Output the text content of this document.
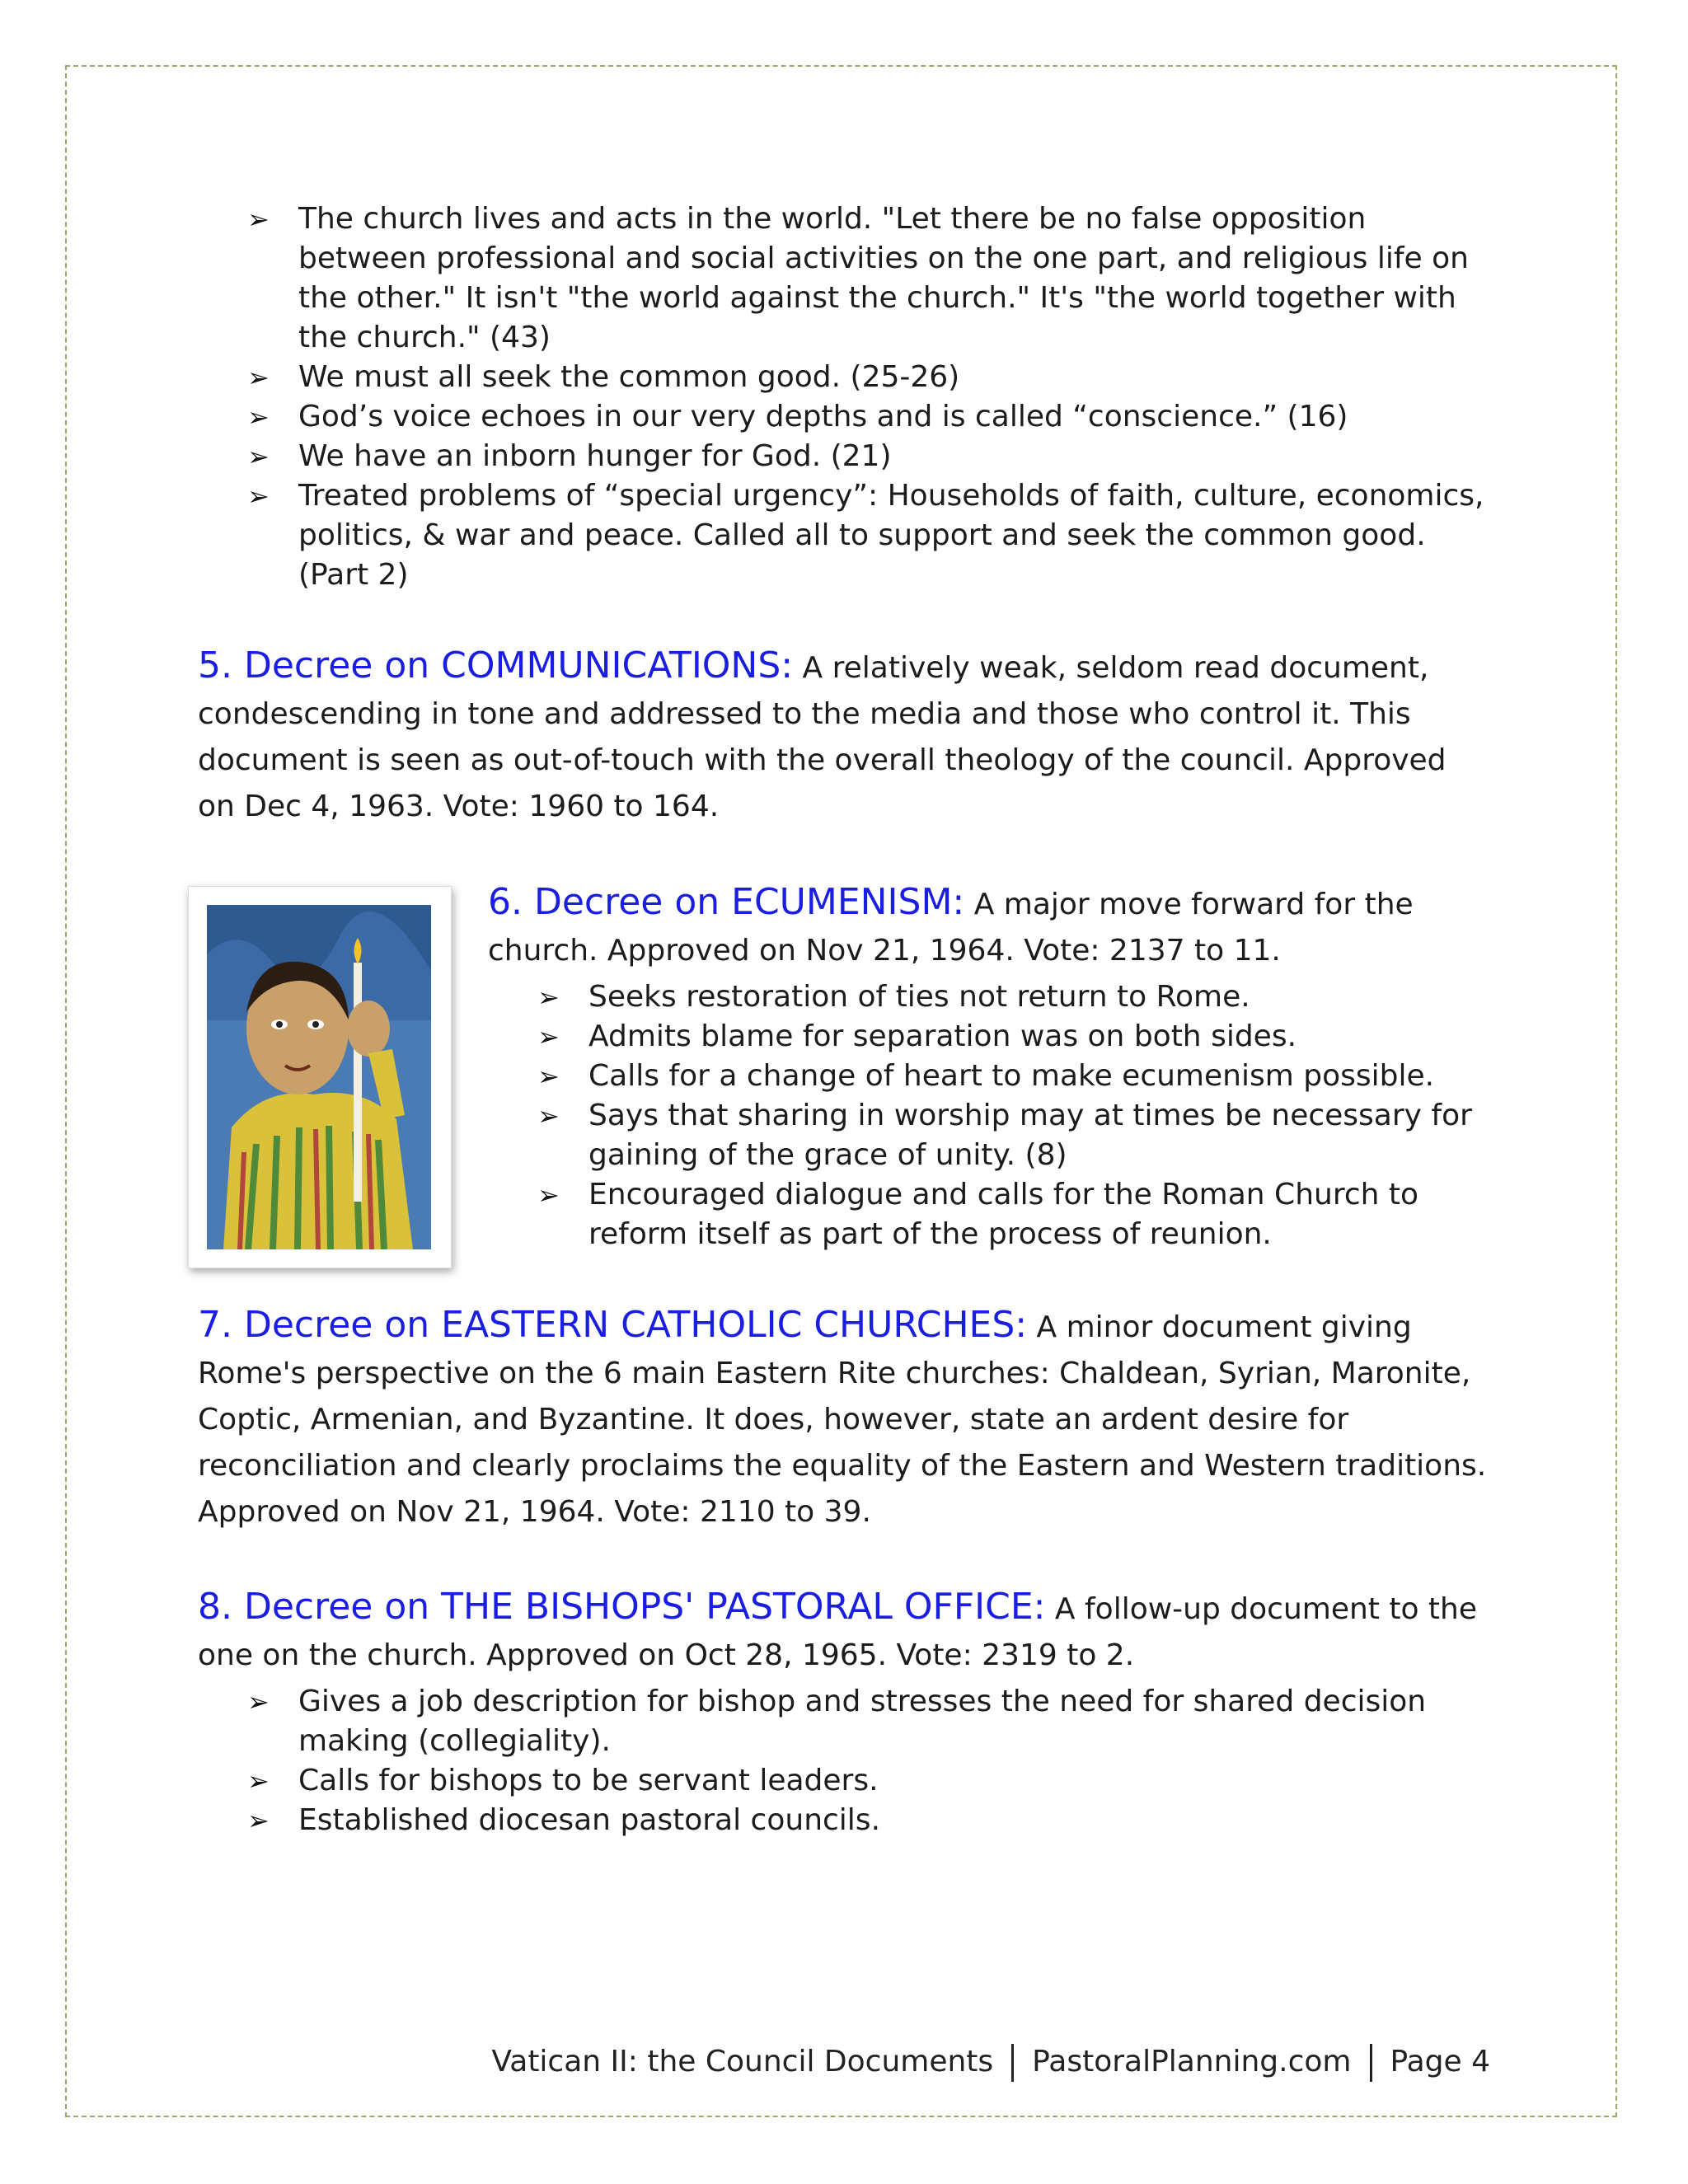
➢ The church lives and acts in the world. "Let there be no false opposition between professional and social activities on the one part, and religious life on the other." It isn't "the world against the church." It's "the world together with the church." (43)
➢ We must all seek the common good. (25-26)
➢ God’s voice echoes in our very depths and is called “conscience.” (16)
➢ We have an inborn hunger for God. (21)
➢ Treated problems of “special urgency”: Households of faith, culture, economics, politics, & war and peace. Called all to support and seek the common good. (Part 2)

5. Decree on COMMUNICATIONS: A relatively weak, seldom read document, condescending in tone and addressed to the media and those who control it. This document is seen as out-of-touch with the overall theology of the council. Approved on Dec 4, 1963. Vote: 1960 to 164.

6. Decree on ECUMENISM: A major move forward for the church. Approved on Nov 21, 1964. Vote: 2137 to 11.

➢ Seeks restoration of ties not return to Rome.
➢ Admits blame for separation was on both sides.
➢ Calls for a change of heart to make ecumenism possible.
➢ Says that sharing in worship may at times be necessary for gaining of the grace of unity. (8)
➢ Encouraged dialogue and calls for the Roman Church to reform itself as part of the process of reunion.

7. Decree on EASTERN CATHOLIC CHURCHES: A minor document giving Rome's perspective on the 6 main Eastern Rite churches: Chaldean, Syrian, Maronite, Coptic, Armenian, and Byzantine. It does, however, state an ardent desire for reconciliation and clearly proclaims the equality of the Eastern and Western traditions. Approved on Nov 21, 1964. Vote: 2110 to 39.

8. Decree on THE BISHOPS' PASTORAL OFFICE: A follow-up document to the one on the church. Approved on Oct 28, 1965. Vote: 2319 to 2.

➢ Gives a job description for bishop and stresses the need for shared decision making (collegiality).
➢ Calls for bishops to be servant leaders.
➢ Established diocesan pastoral councils.
Vatican II: the Council Documents PastoralPlanning.com Page 4
